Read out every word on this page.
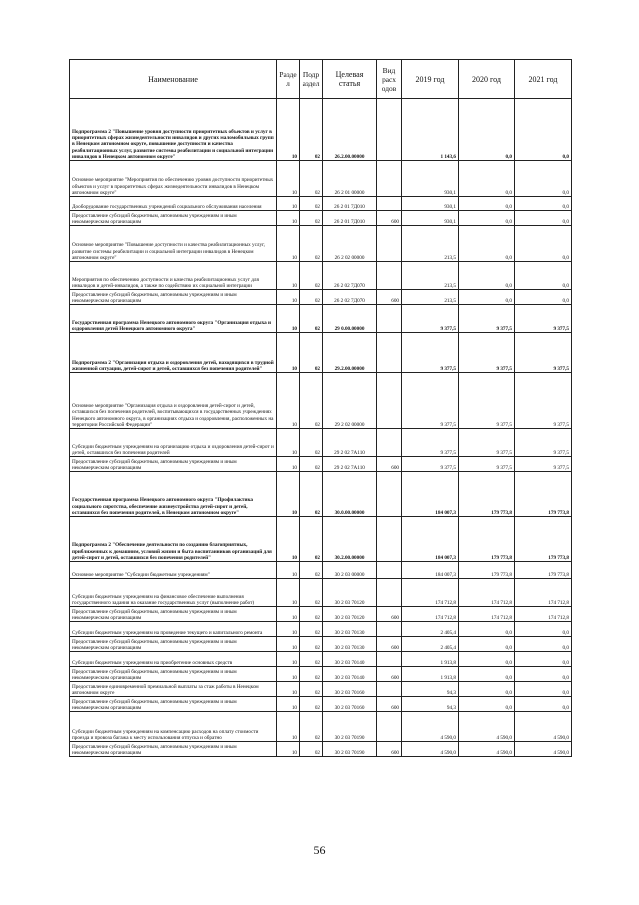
Наименование	Разде л	Подр аздел	Целевая статья	Вид расх одов	2019 год	2020 год	2021 год
Подпрограмма 2 "Повышение уровня доступности приоритетных объектов и услуг в приоритетных сферах жизнедеятельности инвалидов и других маломобильных групп в Ненецком автономном округе, повышение доступности и качества реабилитационных услуг, развитие системы реабилитации и социальной интеграции инвалидов в Ненецком автономном округе"	10	02	26.2.00.00000		1 143,6	0,0	0,0
Основное мероприятие "Мероприятия по обеспечению уровня доступности приоритетных объектов и услуг в приоритетных сферах жизнедеятельности инвалидов в Ненецком автономном округе"	10	02	26 2 01 00000		930,1	0,0	0,0
Дооборудование государственных учреждений социального обслуживания населения	10	02	26 2 01 7Д010		930,1	0,0	0,0
Предоставление субсидий бюджетным, автономным учреждениям и иным некоммерческим организациям	10	02	26 2 01 7Д010	600	930,1	0,0	0,0
Основное мероприятие "Повышение доступности и качества реабилитационных услуг, развитие системы реабилитации и социальной интеграции инвалидов в Ненецком автономном округе"	10	02	26 2 02 00000		213,5	0,0	0,0
Мероприятия по обеспечению доступности и качества реабилитационных услуг для инвалидов и детей-инвалидов, а также по содействию их социальной интеграции	10	02	26 2 02 7Д070		213,5	0,0	0,0
Предоставление субсидий бюджетным, автономным учреждениям и иным некоммерческим организациям	10	02	26 2 02 7Д070	600	213,5	0,0	0,0
Государственная программа Ненецкого автономного округа "Организация отдыха и оздоровления детей Ненецкого автономного округа"	10	02	29 0.00.00000		9 377,5	9 377,5	9 377,5
Подпрограмма 2 "Организация отдыха и оздоровления детей, находящихся в трудной жизненной ситуации, детей-сирот и детей, оставшихся без попечения родителей"	10	02	29.2.00.00000		9 377,5	9 377,5	9 377,5
Основное мероприятие "Организация отдыха и оздоровления детей-сирот и детей, оставшихся без попечения родителей, воспитывающихся в государственных учреждениях Ненецкого автономного округа, в организациях отдыха и оздоровления, расположенных на территории Российской Федерации"	10	02	29 2 02 00000		9 377,5	9 377,5	9 377,5
Субсидии бюджетным учреждениям на организацию отдыха и оздоровления детей-сирот и детей, оставшихся без попечения родителей	10	02	29 2 02 7А110		9 377,5	9 377,5	9 377,5
Предоставление субсидий бюджетным, автономным учреждениям и иным некоммерческим организациям	10	02	29 2 02 7А110	600	9 377,5	9 377,5	9 377,5
Государственная программа Ненецкого автономного округа "Профилактика социального сиротства, обеспечение жизнеустройства детей-сирот и детей, оставшихся без попечения родителей, в Ненецком автономном округе"	10	02	30.0.00.00000		184 007,3	179 773,8	179 773,8
Подпрограмма 2 "Обеспечение деятельности по созданию благоприятных, приближенных к домашним, условий жизни и быта воспитанников организаций для детей-сирот и детей, оставшихся без попечения родителей"	10	02	30.2.00.00000		184 007,3	179 773,8	179 773,8
Основное мероприятие "Субсидии бюджетным учреждениям"	10	02	30 2 03 00000		184 007,3	179 773,8	179 773,8
Субсидии бюджетным учреждениям на финансовое обеспечение выполнения государственного задания на оказание государственных услуг (выполнение работ)	10	02	30 2 03 70120		174 712,8	174 712,8	174 712,8
Предоставление субсидий бюджетным, автономным учреждениям и иным некоммерческим организациям	10	02	30 2 03 70120	600	174 712,8	174 712,8	174 712,8
Субсидии бюджетным учреждениям на проведение текущего и капитального ремонта	10	02	30 2 03 70130		2 405,4	0,0	0,0
Предоставление субсидий бюджетным, автономным учреждениям и иным некоммерческим организациям	10	02	30 2 03 70130	600	2 405,4	0,0	0,0
Субсидии бюджетным учреждениям на приобретение основных средств	10	02	30 2 03 70140		1 913,8	0,0	0,0
Предоставление субсидий бюджетным, автономным учреждениям и иным некоммерческим организациям	10	02	30 2 03 70140	600	1 913,8	0,0	0,0
Предоставление единовременной премиальной выплаты за стаж работы в Ненецком автономном округе	10	02	30 2 03 70160		94,3	0,0	0,0
Предоставление субсидий бюджетным, автономным учреждениям и иным некоммерческим организациям	10	02	30 2 03 70160	600	94,3	0,0	0,0
Субсидии бюджетным учреждениям на компенсацию расходов на оплату стоимости проезда и провоза багажа к месту использования отпуска и обратно	10	02	30 2 03 70190		4 590,0	4 590,0	4 590,0
Предоставление субсидий бюджетным, автономным учреждениям и иным некоммерческим организациям	10	02	30 2 03 70190	600	4 590,0	4 590,0	4 590,0
56
